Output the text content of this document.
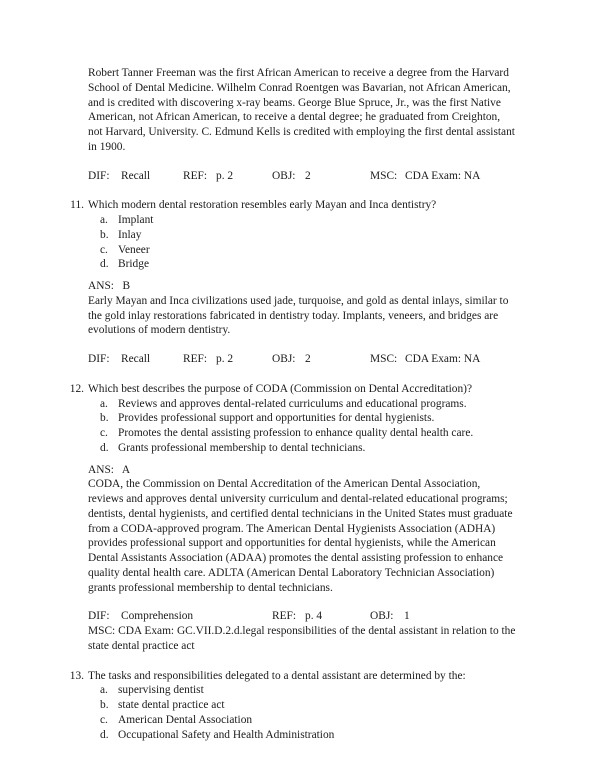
Robert Tanner Freeman was the first African American to receive a degree from the Harvard School of Dental Medicine. Wilhelm Conrad Roentgen was Bavarian, not African American, and is credited with discovering x-ray beams. George Blue Spruce, Jr., was the first Native American, not African American, to receive a dental degree; he graduated from Creighton, not Harvard, University. C. Edmund Kells is credited with employing the first dental assistant in 1900.
DIF: Recall	REF: p. 2	OBJ: 2	MSC: CDA Exam: NA
11. Which modern dental restoration resembles early Mayan and Inca dentistry?
a. Implant
b. Inlay
c. Veneer
d. Bridge
ANS: B
Early Mayan and Inca civilizations used jade, turquoise, and gold as dental inlays, similar to the gold inlay restorations fabricated in dentistry today. Implants, veneers, and bridges are evolutions of modern dentistry.
DIF: Recall	REF: p. 2	OBJ: 2	MSC: CDA Exam: NA
12. Which best describes the purpose of CODA (Commission on Dental Accreditation)?
a. Reviews and approves dental-related curriculums and educational programs.
b. Provides professional support and opportunities for dental hygienists.
c. Promotes the dental assisting profession to enhance quality dental health care.
d. Grants professional membership to dental technicians.
ANS: A
CODA, the Commission on Dental Accreditation of the American Dental Association, reviews and approves dental university curriculum and dental-related educational programs; dentists, dental hygienists, and certified dental technicians in the United States must graduate from a CODA-approved program. The American Dental Hygienists Association (ADHA) provides professional support and opportunities for dental hygienists, while the American Dental Assistants Association (ADAA) promotes the dental assisting profession to enhance quality dental health care. ADLTA (American Dental Laboratory Technician Association) grants professional membership to dental technicians.
DIF: Comprehension	REF: p. 4	OBJ: 1
MSC: CDA Exam: GC.VII.D.2.d.legal responsibilities of the dental assistant in relation to the state dental practice act
13. The tasks and responsibilities delegated to a dental assistant are determined by the:
a. supervising dentist
b. state dental practice act
c. American Dental Association
d. Occupational Safety and Health Administration
